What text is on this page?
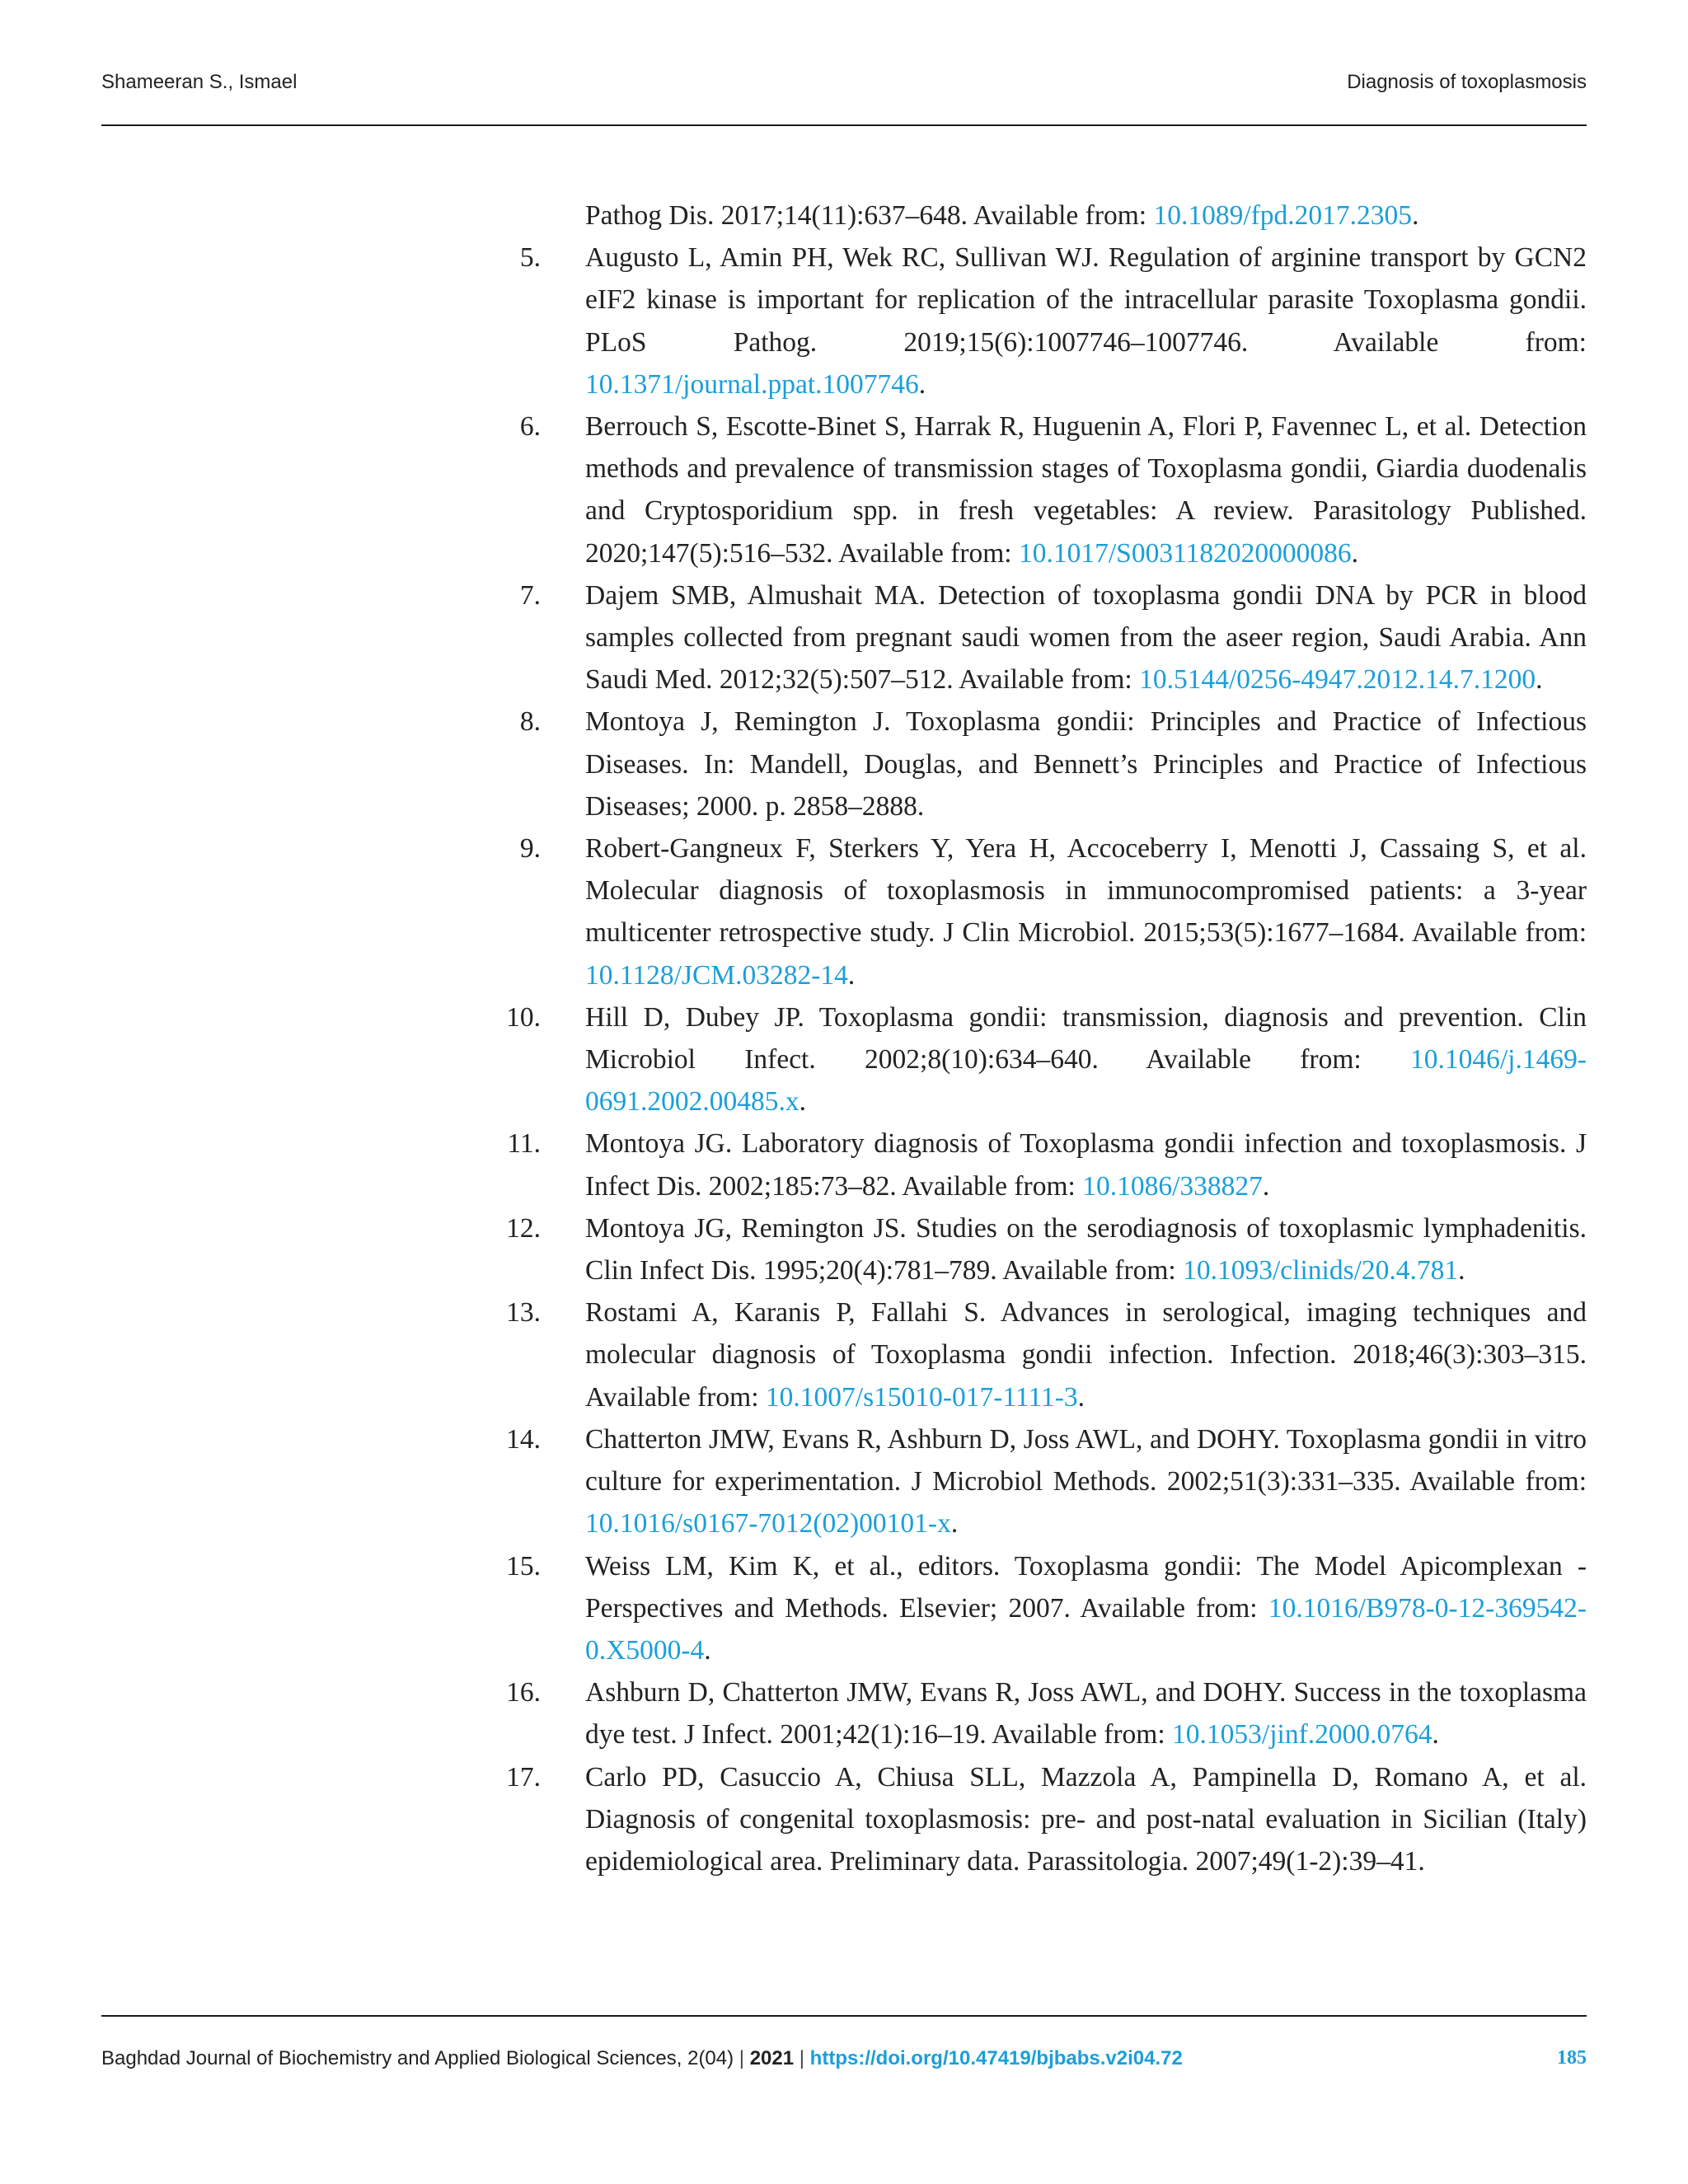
Shameeran S., Ismael	Diagnosis of toxoplasmosis
Pathog Dis. 2017;14(11):637–648. Available from: 10.1089/fpd.2017.2305.
5. Augusto L, Amin PH, Wek RC, Sullivan WJ. Regulation of arginine transport by GCN2 eIF2 kinase is important for replication of the intracellular parasite Toxoplasma gondii. PLoS Pathog. 2019;15(6):1007746–1007746. Available from: 10.1371/journal.ppat.1007746.
6. Berrouch S, Escotte-Binet S, Harrak R, Huguenin A, Flori P, Favennec L, et al. Detection methods and prevalence of transmission stages of Toxoplasma gondii, Giardia duodenalis and Cryptosporidium spp. in fresh vegetables: A review. Parasitology Published. 2020;147(5):516–532. Available from: 10.1017/S0031182020000086.
7. Dajem SMB, Almushait MA. Detection of toxoplasma gondii DNA by PCR in blood samples collected from pregnant saudi women from the aseer region, Saudi Arabia. Ann Saudi Med. 2012;32(5):507–512. Available from: 10.5144/0256-4947.2012.14.7.1200.
8. Montoya J, Remington J. Toxoplasma gondii: Principles and Practice of Infectious Diseases. In: Mandell, Douglas, and Bennett’s Principles and Practice of Infectious Diseases; 2000. p. 2858–2888.
9. Robert-Gangneux F, Sterkers Y, Yera H, Accoceberry I, Menotti J, Cassaing S, et al. Molecular diagnosis of toxoplasmosis in immunocompromised patients: a 3-year multicenter retrospective study. J Clin Microbiol. 2015;53(5):1677–1684. Available from: 10.1128/JCM.03282-14.
10. Hill D, Dubey JP. Toxoplasma gondii: transmission, diagnosis and prevention. Clin Microbiol Infect. 2002;8(10):634–640. Available from: 10.1046/j.1469-0691.2002.00485.x.
11. Montoya JG. Laboratory diagnosis of Toxoplasma gondii infection and toxoplasmosis. J Infect Dis. 2002;185:73–82. Available from: 10.1086/338827.
12. Montoya JG, Remington JS. Studies on the serodiagnosis of toxoplasmic lymphadenitis. Clin Infect Dis. 1995;20(4):781–789. Available from: 10.1093/clinids/20.4.781.
13. Rostami A, Karanis P, Fallahi S. Advances in serological, imaging techniques and molecular diagnosis of Toxoplasma gondii infection. Infection. 2018;46(3):303–315. Available from: 10.1007/s15010-017-1111-3.
14. Chatterton JMW, Evans R, Ashburn D, Joss AWL, and DOHY. Toxoplasma gondii in vitro culture for experimentation. J Microbiol Methods. 2002;51(3):331–335. Available from: 10.1016/s0167-7012(02)00101-x.
15. Weiss LM, Kim K, et al., editors. Toxoplasma gondii: The Model Apicomplexan - Perspectives and Methods. Elsevier; 2007. Available from: 10.1016/B978-0-12-369542-0.X5000-4.
16. Ashburn D, Chatterton JMW, Evans R, Joss AWL, and DOHY. Success in the toxoplasma dye test. J Infect. 2001;42(1):16–19. Available from: 10.1053/jinf.2000.0764.
17. Carlo PD, Casuccio A, Chiusa SLL, Mazzola A, Pampinella D, Romano A, et al. Diagnosis of congenital toxoplasmosis: pre- and post-natal evaluation in Sicilian (Italy) epidemiological area. Preliminary data. Parassitologia. 2007;49(1-2):39–41.
Baghdad Journal of Biochemistry and Applied Biological Sciences, 2(04) | 2021 | https://doi.org/10.47419/bjbabs.v2i04.72	185
